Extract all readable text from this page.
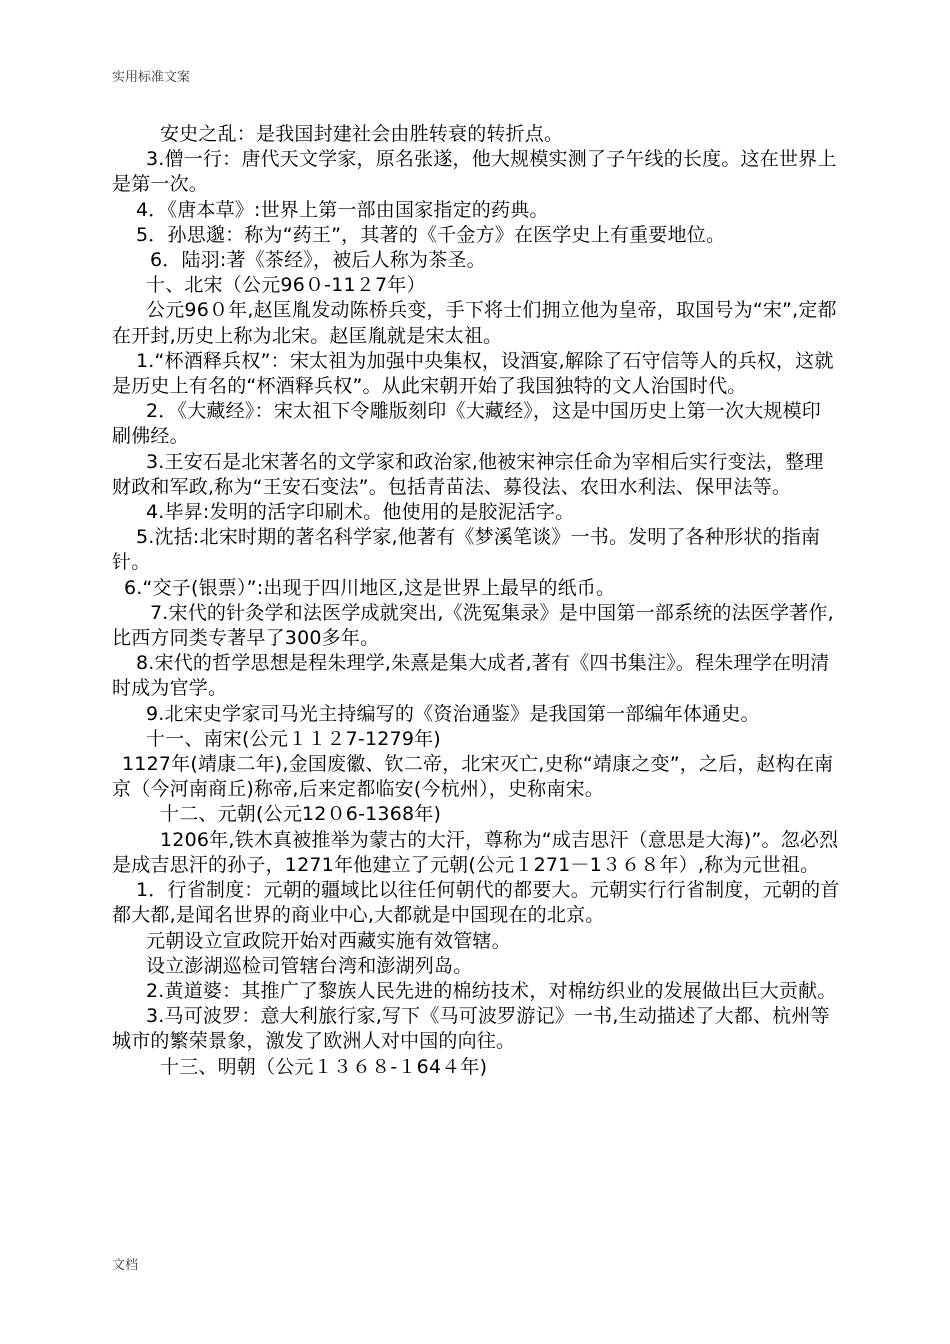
实用标准文案

安史之乱：是我国封建社会由胜转衰的转折点。

3.僧一行：唐代天文学家，原名张遂，他大规模实测了子午线的长度。这在世界上是第一次。

4．《唐本草》:世界上第一部由国家指定的药典。

5．孙思邈：称为“药王”，其著的《千金方》在医学史上有重要地位。

6．陆羽:著《茶经》，被后人称为茶圣。

十、北宋（公元96０-11２7年）

公元96０年,赵匡胤发动陈桥兵变，手下将士们拥立他为皇帝，取国号为“宋”,定都在开封,历史上称为北宋。赵匡胤就是宋太祖。

1.“杯酒释兵权”：宋太祖为加强中央集权，设酒宴,解除了石守信等人的兵权，这就是历史上有名的“杯酒释兵权”。从此宋朝开始了我国独特的文人治国时代。

2．《大藏经》：宋太祖下令雕版刻印《大藏经》，这是中国历史上第一次大规模印刷佛经。

3.王安石是北宋著名的文学家和政治家,他被宋神宗任命为宰相后实行变法，整理财政和军政,称为“王安石变法”。包括青苗法、募役法、农田水利法、保甲法等。

4.毕昇:发明的活字印刷术。他使用的是胶泥活字。

5.沈括:北宋时期的著名科学家,他著有《梦溪笔谈》一书。发明了各种形状的指南针。

6.“交子(银票）”:出现于四川地区,这是世界上最早的纸币。

7.宋代的针灸学和法医学成就突出,《洗冤集录》是中国第一部系统的法医学著作,比西方同类专著早了300多年。

8.宋代的哲学思想是程朱理学,朱熹是集大成者,著有《四书集注》。程朱理学在明清时成为官学。

9.北宋史学家司马光主持编写的《资治通鉴》是我国第一部编年体通史。

十一、南宋(公元１１２7-1279年)

1127年(靖康二年),金国废徽、钦二帝，北宋灭亡,史称“靖康之变”，之后，赵构在南京（今河南商丘)称帝,后来定都临安(今杭州），史称南宋。

十二、元朝(公元12０6-1368年)

1206年,铁木真被推举为蒙古的大汗，尊称为“成吉思汗（意思是大海)”。忽必烈是成吉思汗的孙子，1271年他建立了元朝(公元１271－1３６８年）,称为元世祖。

1．行省制度：元朝的疆域比以往任何朝代的都要大。元朝实行行省制度，元朝的首都大都,是闻名世界的商业中心,大都就是中国现在的北京。

元朝设立宣政院开始对西藏实施有效管辖。

设立澎湖巡检司管辖台湾和澎湖列岛。

2.黄道婆：其推广了黎族人民先进的棉纺技术，对棉纺织业的发展做出巨大贡献。

3.马可波罗：意大利旅行家,写下《马可波罗游记》一书,生动描述了大都、杭州等城市的繁荣景象，激发了欧洲人对中国的向往。

十三、明朝（公元１３６８-１64４年)

文档
